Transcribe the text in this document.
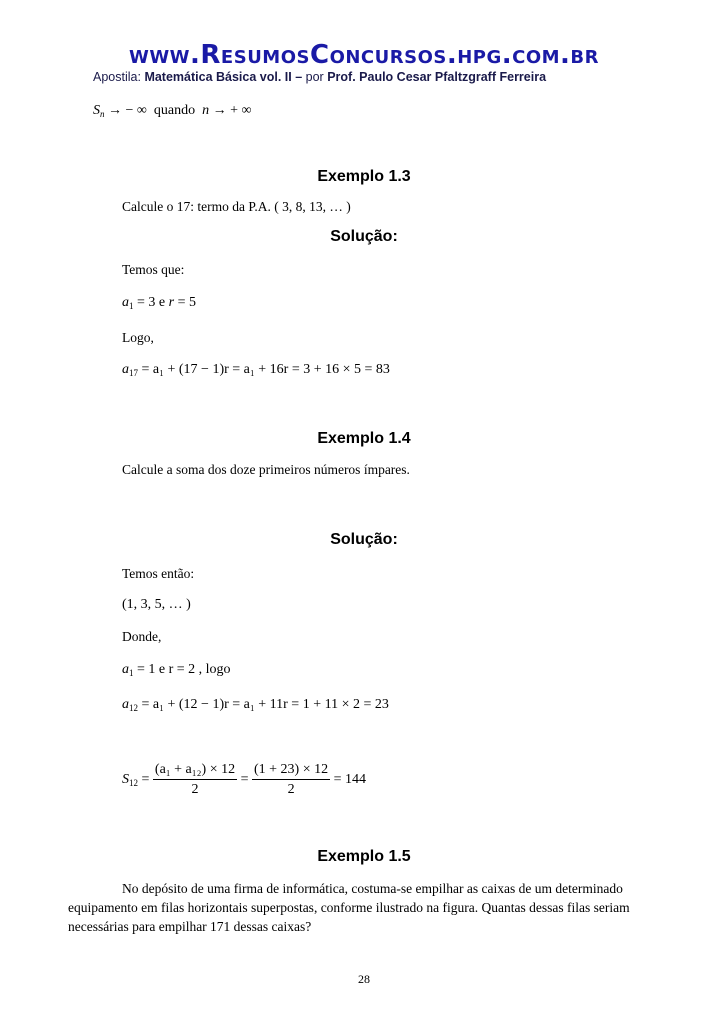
www.ResumosConcursos.hpg.com.br
Apostila: Matemática Básica vol. II – por Prof. Paulo Cesar Pfaltzgraff Ferreira
$S_n$ → − ∞ quando n → + ∞
Exemplo 1.3
Calcule o 17: termo da P.A. ( 3, 8, 13, … )
Solução:
Temos que:
$a_1 = 3$ e r = 5
Logo,
$a_{17} = a_1 + (17 - 1)r = a_1 + 16r = 3 + 16 \times 5 = 83$
Exemplo 1.4
Calcule a soma dos doze primeiros números ímpares.
Solução:
Temos então:
(1, 3, 5, … )
Donde,
$a_1 = 1$ e r = 2 , logo
$a_{12} = a_1 + (12 - 1)r = a_1 + 11r = 1 + 11 \times 2 = 23$
$S_{12} = \frac{\text{(a₁ + a₁₂) × 12}}{2} = \frac{(1 + 23) \times 12}{2} = 144$
Exemplo 1.5
No depósito de uma firma de informática, costuma-se empilhar as caixas de um determinado equipamento em filas horizontais superpostas, conforme ilustrado na figura. Quantas dessas filas seriam necessárias para empilhar 171 dessas caixas?
28
